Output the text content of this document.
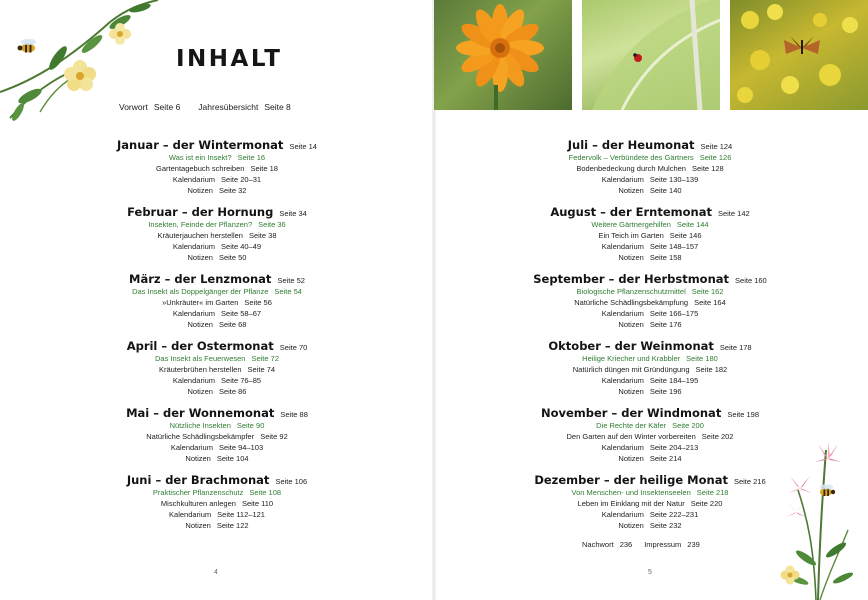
INHALT
Vorwort Seite 6 Jahresübersicht Seite 8
Januar – der Wintermonat Seite 14
Was ist ein Insekt? Seite 16
Gartentagebuch schreiben Seite 18
Kalendarium Seite 20–31
Notizen Seite 32
Februar – der Hornung Seite 34
Insekten, Feinde der Pflanzen? Seite 36
Kräuterjauchen herstellen Seite 38
Kalendarium Seite 40–49
Notizen Seite 50
März – der Lenzmonat Seite 52
Das Insekt als Doppelgänger der Pflanze Seite 54
»Unkräuter« im Garten Seite 56
Kalendarium Seite 58–67
Notizen Seite 68
April – der Ostermonat Seite 70
Das Insekt als Feuerwesen Seite 72
Kräuterbrühen herstellen Seite 74
Kalendarium Seite 76–85
Notizen Seite 86
Mai – der Wonnemonat Seite 88
Nützliche Insekten Seite 90
Natürliche Schädlingsbekämpfer Seite 92
Kalendarium Seite 94–103
Notizen Seite 104
Juni – der Brachmonat Seite 106
Praktischer Pflanzenschutz Seite 108
Mischkulturen anlegen Seite 110
Kalendarium Seite 112–121
Notizen Seite 122
4
Juli – der Heumonat Seite 124
Federvolk – Verbündete des Gärtners Seite 126
Bodenbedeckung durch Mulchen Seite 128
Kalendarium Seite 130–139
Notizen Seite 140
August – der Erntemonat Seite 142
Weitere Gärtnergehilfen Seite 144
Ein Teich im Garten Seite 146
Kalendarium Seite 148–157
Notizen Seite 158
September – der Herbstmonat Seite 160
Biologische Pflanzenschutzmittel Seite 162
Natürliche Schädlingsbekämpfung Seite 164
Kalendarium Seite 166–175
Notizen Seite 176
Oktober – der Weinmonat Seite 178
Heilige Kriecher und Krabbler Seite 180
Natürlich düngen mit Gründüngung Seite 182
Kalendarium Seite 184–195
Notizen Seite 196
November – der Windmonat Seite 198
Die Rechte der Käfer Seite 200
Den Garten auf den Winter vorbereiten Seite 202
Kalendarium Seite 204–213
Notizen Seite 214
Dezember – der heilige Monat Seite 216
Von Menschen- und Insektenseelen Seite 218
Leben im Einklang mit der Natur Seite 220
Kalendarium Seite 222–231
Notizen Seite 232
Nachwort 236 Impressum 239
5
